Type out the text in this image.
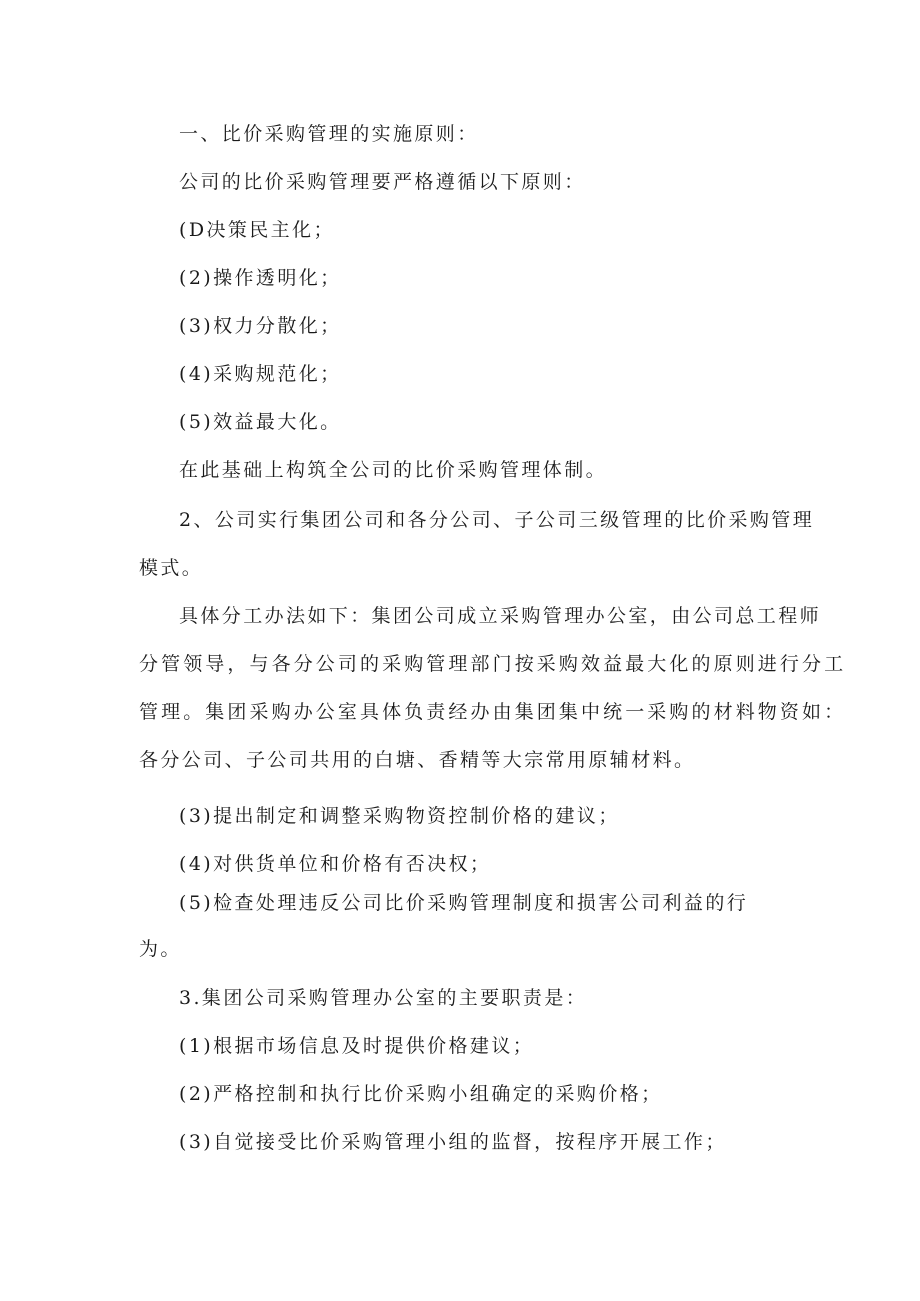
一、比价采购管理的实施原则：

公司的比价采购管理要严格遵循以下原则：

(D决策民主化；

(2)操作透明化；

(3)权力分散化；

(4)采购规范化；

(5)效益最大化。

在此基础上构筑全公司的比价采购管理体制。

2、公司实行集团公司和各分公司、子公司三级管理的比价采购管理

模式。

具体分工办法如下：集团公司成立采购管理办公室，由公司总工程师

分管领导，与各分公司的采购管理部门按采购效益最大化的原则进行分工

管理。集团采购办公室具体负责经办由集团集中统一采购的材料物资如：

各分公司、子公司共用的白塘、香精等大宗常用原辅材料。

(3)提出制定和调整采购物资控制价格的建议；

(4)对供货单位和价格有否决权；

(5)检查处理违反公司比价采购管理制度和损害公司利益的行

为。

3.集团公司采购管理办公室的主要职责是：

(1)根据市场信息及时提供价格建议；

(2)严格控制和执行比价采购小组确定的采购价格；

(3)自觉接受比价采购管理小组的监督，按程序开展工作；
